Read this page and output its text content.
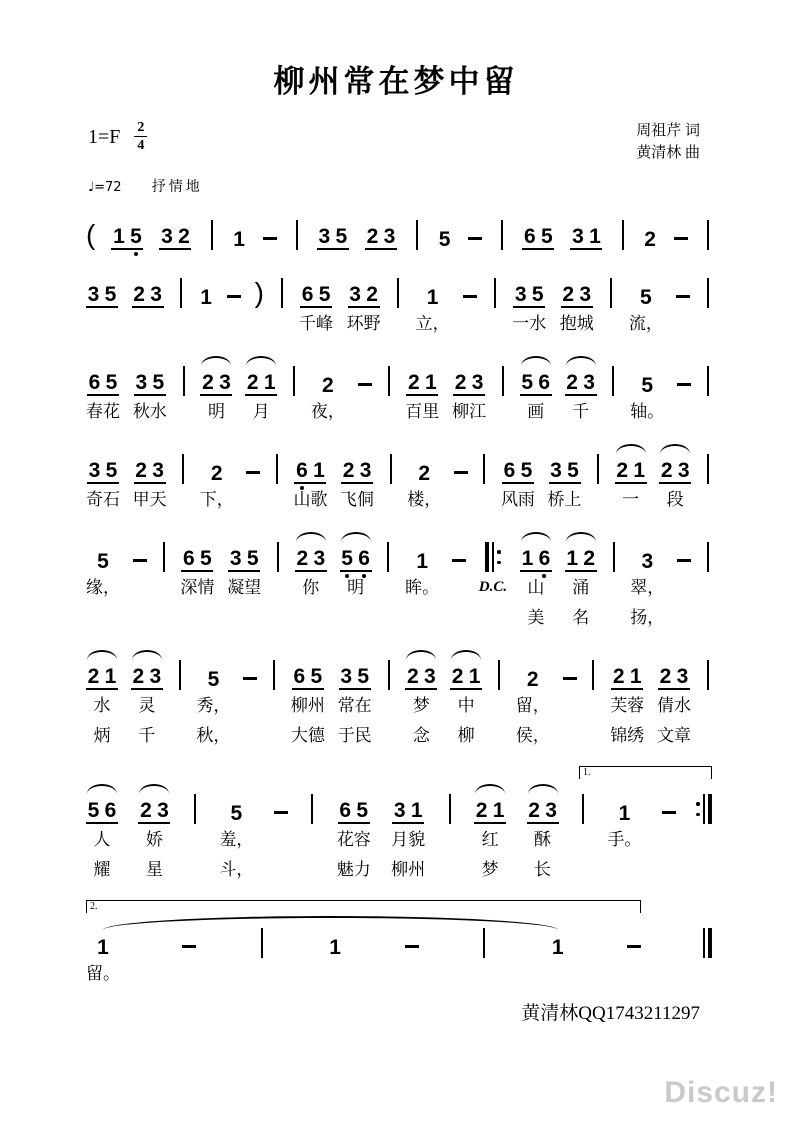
柳州常在梦中留
$1=F \frac{2}{4}$	周祖芹 词
黄清林 曲
♩=72 抒情地
( 1 5 3 2 1	3 5 2 3 5	6 5 3 1 2
3 5 2 3 1 ) 6 5
千峰
3 2
环野
1
立，
3 5
一水
2 3
抱城
5
流，
6 5
春花
3 5
秋水
2 3
明
2 1
月
2
夜，
2 1
百里
2 3
柳江
5 6
画
2 3
千
5
轴。
3 5
奇石
2 3
甲天
2
下，
6 1
山歌
2 3
飞侗
2
楼，
6 5
风雨
3 5
桥上
2 1
一
2 3
段
5
缘，
6 5
深情
3 5
凝望
2 3
你
5 6
明
1
眸。	D.C.
1 6
山
美
1 2
涌
名
3
翠，
扬，
2 1
水
炳
2 3
灵
千
5
秀，
秋，
6 5
柳州
大德
3 5
常在
于民
2 3
梦
念
2 1
中
柳
2
留，
侯，
2 1
芙蓉
锦绣
2 3
倩水
文章
5 6
人
耀
2 3
娇
星
5
羞，
斗，
6 5
花容
魅力
3 1
月貌
柳州
2 1
红
梦
2 3
酥
长
1
手。
1.
1
留。
1	1
2.
黄清林QQ1743211297
Discuz!
